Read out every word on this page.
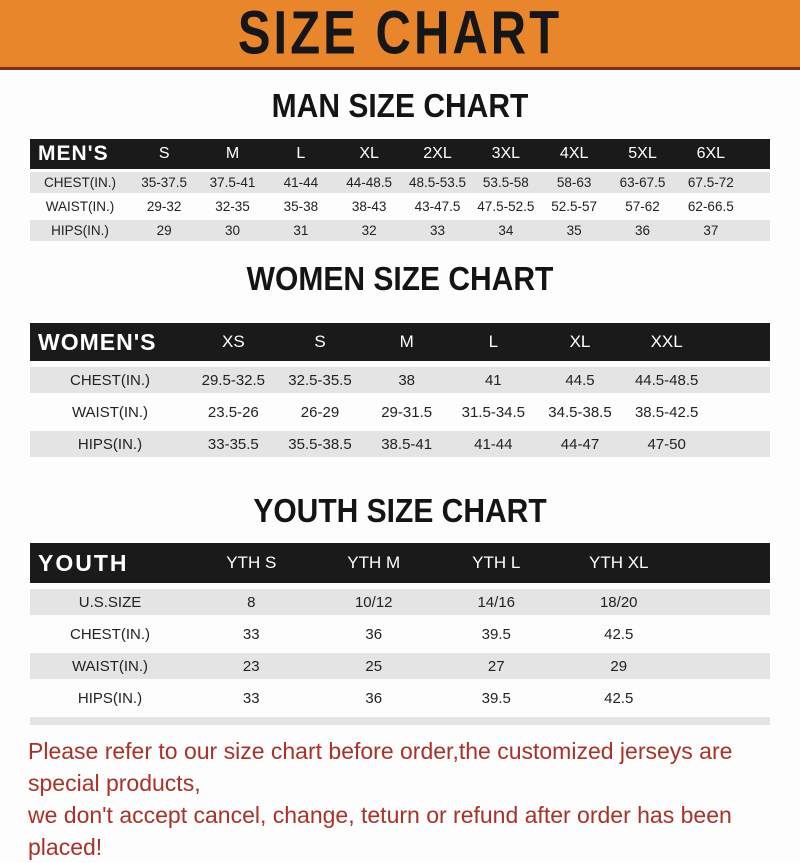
SIZE CHART
MAN SIZE CHART
MEN'S	S	M	L	XL	2XL 3XL 4XL 5XL 6XL
CHEST(IN.) 35-37.5 37.5-41 41-44 44-48.5 48.5-53.5 53.5-58 58-63 63-67.5 67.5-72
WAIST(IN.) 29-32	32-35	35-38	38-43 43-47.5 47.5-52.5 52.5-57 57-62 62-66.5
HIPS(IN.)	29	30	31	32	33	34	35	36	37
WOMEN SIZE CHART
WOMEN'S	XS	S	M	L	XL	XXL
CHEST(IN.)	29.5-32.5 32.5-35.5	38	41	44.5	44.5-48.5
WAIST(IN.)	23.5-26	26-29	29-31.5 31.5-34.5 34.5-38.5 38.5-42.5
HIPS(IN.)	33-35.5 35.5-38.5 38.5-41	41-44	44-47	47-50
YOUTH SIZE CHART
YOUTH	YTH S	YTH M	YTH L	YTH XL
U.S.SIZE	8	10/12	14/16	18/20
CHEST(IN.)	33	36	39.5	42.5
WAIST(IN.)	23	25	27	29
HIPS(IN.)	33	36	39.5	42.5
Please refer to our size chart before order,the customized jerseys are special products,
we don't accept cancel, change, teturn or refund after order has been placed!
